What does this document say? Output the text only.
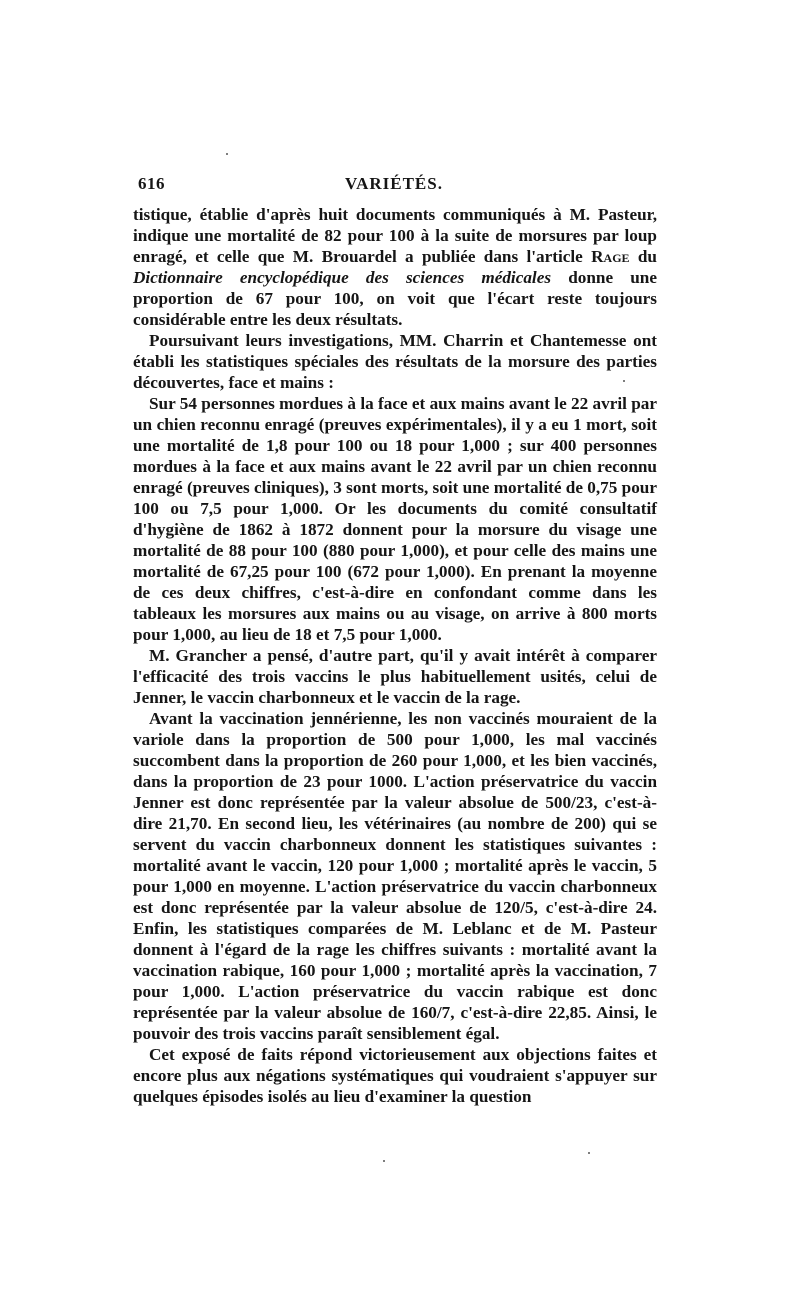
616	VARIÉTÉS.

tistique, établie d'après huit documents communiqués à M. Pasteur, indique une mortalité de 82 pour 100 à la suite de morsures par loup enragé, et celle que M. Brouardel a publiée dans l'article Rage du Dictionnaire encyclopédique des sciences médicales donne une proportion de 67 pour 100, on voit que l'écart reste toujours considérable entre les deux résultats.

Poursuivant leurs investigations, MM. Charrin et Chantemesse ont établi les statistiques spéciales des résultats de la morsure des parties découvertes, face et mains :

Sur 54 personnes mordues à la face et aux mains avant le 22 avril par un chien reconnu enragé (preuves expérimentales), il y a eu 1 mort, soit une mortalité de 1,8 pour 100 ou 18 pour 1,000 ; sur 400 personnes mordues à la face et aux mains avant le 22 avril par un chien reconnu enragé (preuves cliniques), 3 sont morts, soit une mortalité de 0,75 pour 100 ou 7,5 pour 1,000. Or les documents du comité consultatif d'hygiène de 1862 à 1872 donnent pour la morsure du visage une mortalité de 88 pour 100 (880 pour 1,000), et pour celle des mains une mortalité de 67,25 pour 100 (672 pour 1,000). En prenant la moyenne de ces deux chiffres, c'est-à-dire en confondant comme dans les tableaux les morsures aux mains ou au visage, on arrive à 800 morts pour 1,000, au lieu de 18 et 7,5 pour 1,000.

M. Grancher a pensé, d'autre part, qu'il y avait intérêt à comparer l'efficacité des trois vaccins le plus habituellement usités, celui de Jenner, le vaccin charbonneux et le vaccin de la rage.

Avant la vaccination jennérienne, les non vaccinés mouraient de la variole dans la proportion de 500 pour 1,000, les mal vaccinés succombent dans la proportion de 260 pour 1,000, et les bien vaccinés, dans la proportion de 23 pour 1000. L'action préservatrice du vaccin Jenner est donc représentée par la valeur absolue de 500/23, c'est-à-dire 21,70. En second lieu, les vétérinaires (au nombre de 200) qui se servent du vaccin charbonneux donnent les statistiques suivantes : mortalité avant le vaccin, 120 pour 1,000 ; mortalité après le vaccin, 5 pour 1,000 en moyenne. L'action préservatrice du vaccin charbonneux est donc représentée par la valeur absolue de 120/5, c'est-à-dire 24. Enfin, les statistiques comparées de M. Leblanc et de M. Pasteur donnent à l'égard de la rage les chiffres suivants : mortalité avant la vaccination rabique, 160 pour 1,000 ; mortalité après la vaccination, 7 pour 1,000. L'action préservatrice du vaccin rabique est donc représentée par la valeur absolue de 160/7, c'est-à-dire 22,85. Ainsi, le pouvoir des trois vaccins paraît sensiblement égal.

Cet exposé de faits répond victorieusement aux objections faites et encore plus aux négations systématiques qui voudraient s'appuyer sur quelques épisodes isolés au lieu d'examiner la question
